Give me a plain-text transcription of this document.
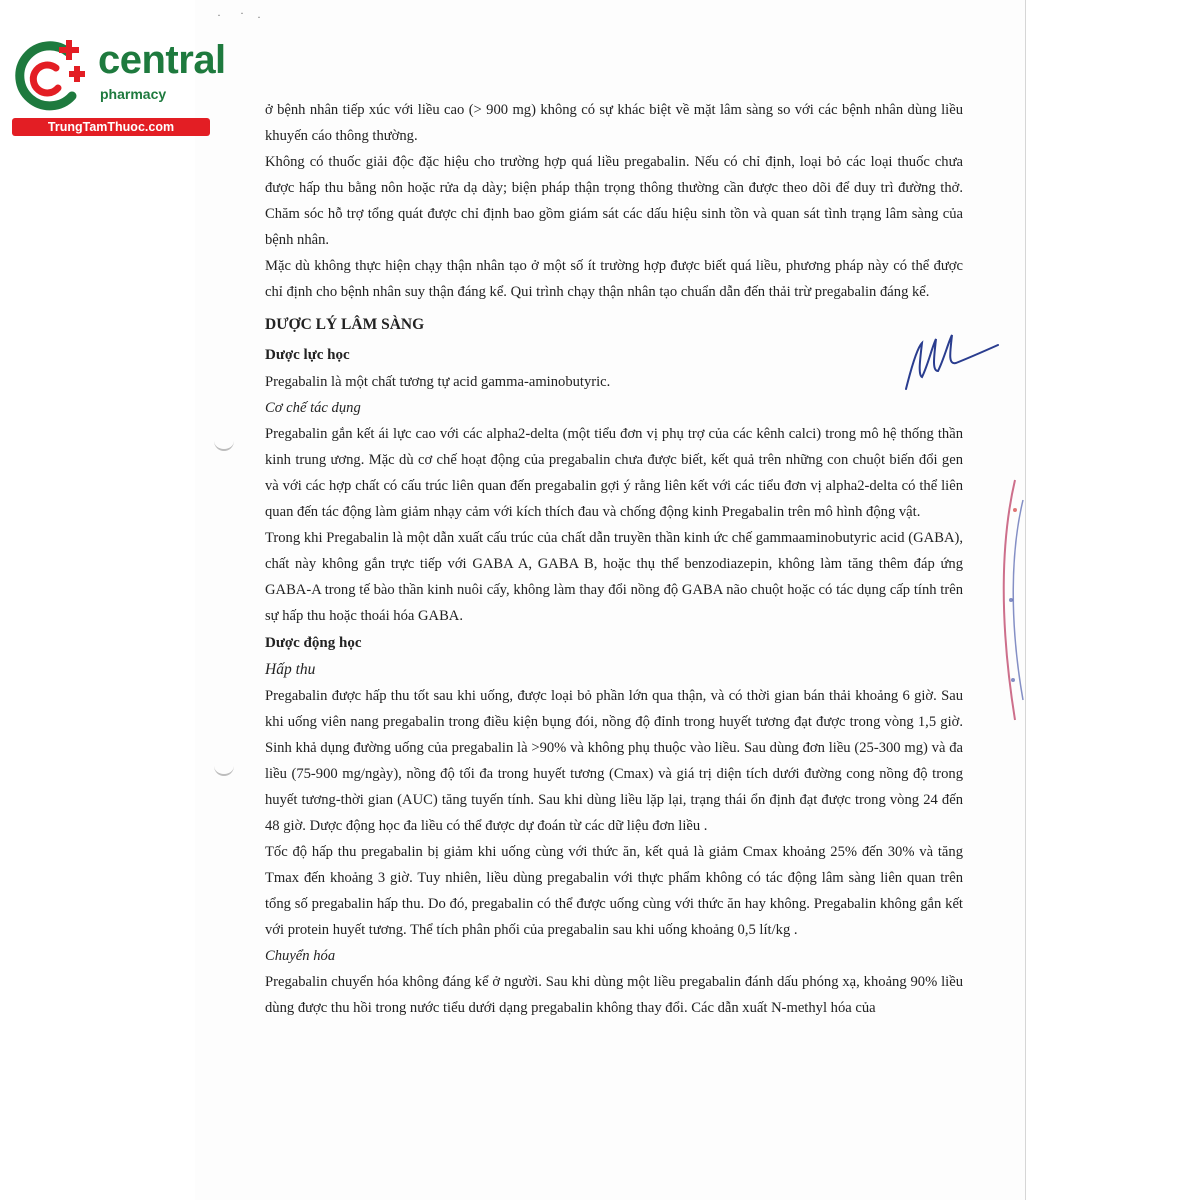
· · ·
central
pharmacy
TrungTamThuoc.com

ở bệnh nhân tiếp xúc với liều cao (> 900 mg) không có sự khác biệt về mặt lâm sàng so với các bệnh nhân dùng liều khuyến cáo thông thường.

Không có thuốc giải độc đặc hiệu cho trường hợp quá liều pregabalin. Nếu có chỉ định, loại bỏ các loại thuốc chưa được hấp thu bằng nôn hoặc rửa dạ dày; biện pháp thận trọng thông thường cần được theo dõi để duy trì đường thở. Chăm sóc hỗ trợ tổng quát được chỉ định bao gồm giám sát các dấu hiệu sinh tồn và quan sát tình trạng lâm sàng của bệnh nhân.

Mặc dù không thực hiện chạy thận nhân tạo ở một số ít trường hợp được biết quá liều, phương pháp này có thể được chỉ định cho bệnh nhân suy thận đáng kể. Qui trình chạy thận nhân tạo chuẩn dẫn đến thải trừ pregabalin đáng kể.

DƯỢC LÝ LÂM SÀNG
Dược lực học

Pregabalin là một chất tương tự acid gamma-aminobutyric.

Cơ chế tác dụng

Pregabalin gắn kết ái lực cao với các alpha2-delta (một tiểu đơn vị phụ trợ của các kênh calci) trong mô hệ thống thần kinh trung ương. Mặc dù cơ chế hoạt động của pregabalin chưa được biết, kết quả trên những con chuột biến đổi gen và với các hợp chất có cấu trúc liên quan đến pregabalin gợi ý rằng liên kết với các tiểu đơn vị alpha2-delta có thể liên quan đến tác động làm giảm nhạy cảm với kích thích đau và chống động kinh Pregabalin trên mô hình động vật.

Trong khi Pregabalin là một dẫn xuất cấu trúc của chất dẫn truyền thần kinh ức chế gammaaminobutyric acid (GABA), chất này không gắn trực tiếp với GABA A, GABA B, hoặc thụ thể benzodiazepin, không làm tăng thêm đáp ứng GABA-A trong tế bào thần kinh nuôi cấy, không làm thay đổi nồng độ GABA não chuột hoặc có tác dụng cấp tính trên sự hấp thu hoặc thoái hóa GABA.

Dược động học
Hấp thu

Pregabalin được hấp thu tốt sau khi uống, được loại bỏ phần lớn qua thận, và có thời gian bán thải khoảng 6 giờ. Sau khi uống viên nang pregabalin trong điều kiện bụng đói, nồng độ đỉnh trong huyết tương đạt được trong vòng 1,5 giờ. Sinh khả dụng đường uống của pregabalin là >90% và không phụ thuộc vào liều. Sau dùng đơn liều (25-300 mg) và đa liều (75-900 mg/ngày), nồng độ tối đa trong huyết tương (Cmax) và giá trị diện tích dưới đường cong nồng độ trong huyết tương-thời gian (AUC) tăng tuyến tính. Sau khi dùng liều lặp lại, trạng thái ổn định đạt được trong vòng 24 đến 48 giờ. Dược động học đa liều có thể được dự đoán từ các dữ liệu đơn liều .

Tốc độ hấp thu pregabalin bị giảm khi uống cùng với thức ăn, kết quả là giảm Cmax khoảng 25% đến 30% và tăng Tmax đến khoảng 3 giờ. Tuy nhiên, liều dùng pregabalin với thực phẩm không có tác động lâm sàng liên quan trên tổng số pregabalin hấp thu. Do đó, pregabalin có thể được uống cùng với thức ăn hay không. Pregabalin không gắn kết với protein huyết tương. Thể tích phân phối của pregabalin sau khi uống khoảng 0,5 lít/kg .

Chuyển hóa

Pregabalin chuyển hóa không đáng kể ở người. Sau khi dùng một liều pregabalin đánh dấu phóng xạ, khoảng 90% liều dùng được thu hồi trong nước tiểu dưới dạng pregabalin không thay đổi. Các dẫn xuất N-methyl hóa của
